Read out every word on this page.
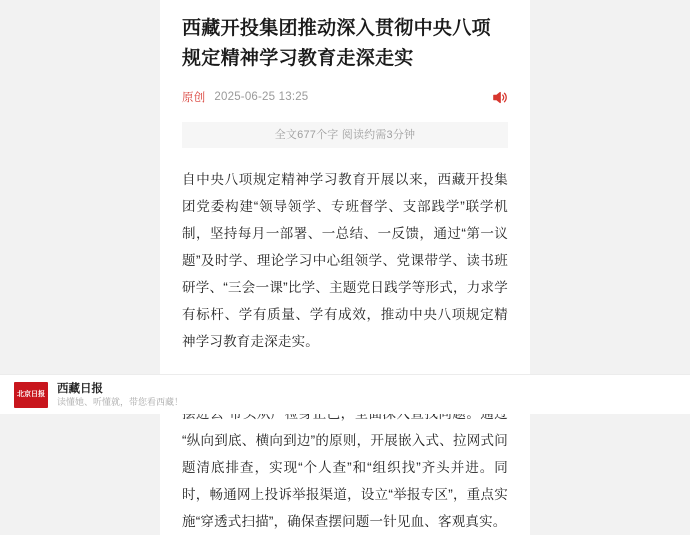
西藏开投集团推动深入贯彻中央八项规定精神学习教育走深走实
原创 2025-06-25 13:25
全文677个字 阅读约需3分钟

自中央八项规定精神学习教育开展以来，西藏开投集团党委构建“领导领学、专班督学、支部践学”联学机制，坚持每月一部署、一总结、一反馈，通过“第一议题”及时学、理论学习中心组领学、党课带学、读书班研学、“三会一课”比学、主题党日践学等形式，力求学有标杆、学有质量、学有成效，推动中央八项规定精神学习教育走深走实。

“纵向到底、横向到边”的原则，开展嵌入式、拉网式问题清底排查，实现“个人查”和“组织找”齐头并进。同时，畅通网上投诉举报渠道，设立“举报专区”，重点实施“穿透式扫描”，确保查摆问题一针见血、客观真实。

北京日报 西藏日报
读懂她、听懂就，带您看西藏！
